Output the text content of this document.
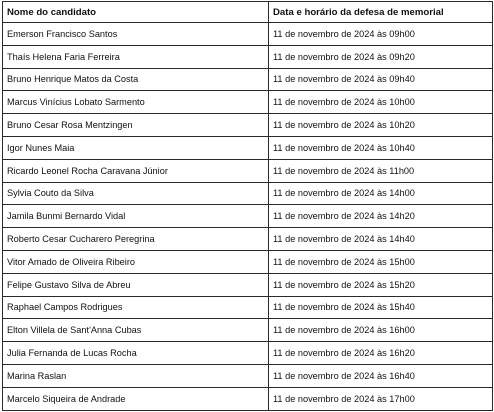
Nome do candidato	Data e horário da defesa de memorial
Emerson Francisco Santos	11 de novembro de 2024 às 09h00
Thaís Helena Faria Ferreira	11 de novembro de 2024 às 09h20
Bruno Henrique Matos da Costa	11 de novembro de 2024 às 09h40
Marcus Vinícius Lobato Sarmento	11 de novembro de 2024 às 10h00
Bruno Cesar Rosa Mentzingen	11 de novembro de 2024 às 10h20
Igor Nunes Maia	11 de novembro de 2024 às 10h40
Ricardo Leonel Rocha Caravana Júnior	11 de novembro de 2024 às 11h00
Sylvia Couto da Silva	11 de novembro de 2024 às 14h00
Jamila Bunmi Bernardo Vidal	11 de novembro de 2024 às 14h20
Roberto Cesar Cucharero Peregrina	11 de novembro de 2024 às 14h40
Vitor Amado de Oliveira Ribeiro	11 de novembro de 2024 às 15h00
Felipe Gustavo Silva de Abreu	11 de novembro de 2024 às 15h20
Raphael Campos Rodrigues	11 de novembro de 2024 às 15h40
Elton Villela de Sant'Anna Cubas	11 de novembro de 2024 às 16h00
Julia Fernanda de Lucas Rocha	11 de novembro de 2024 às 16h20
Marina Raslan	11 de novembro de 2024 às 16h40
Marcelo Siqueira de Andrade	11 de novembro de 2024 às 17h00
